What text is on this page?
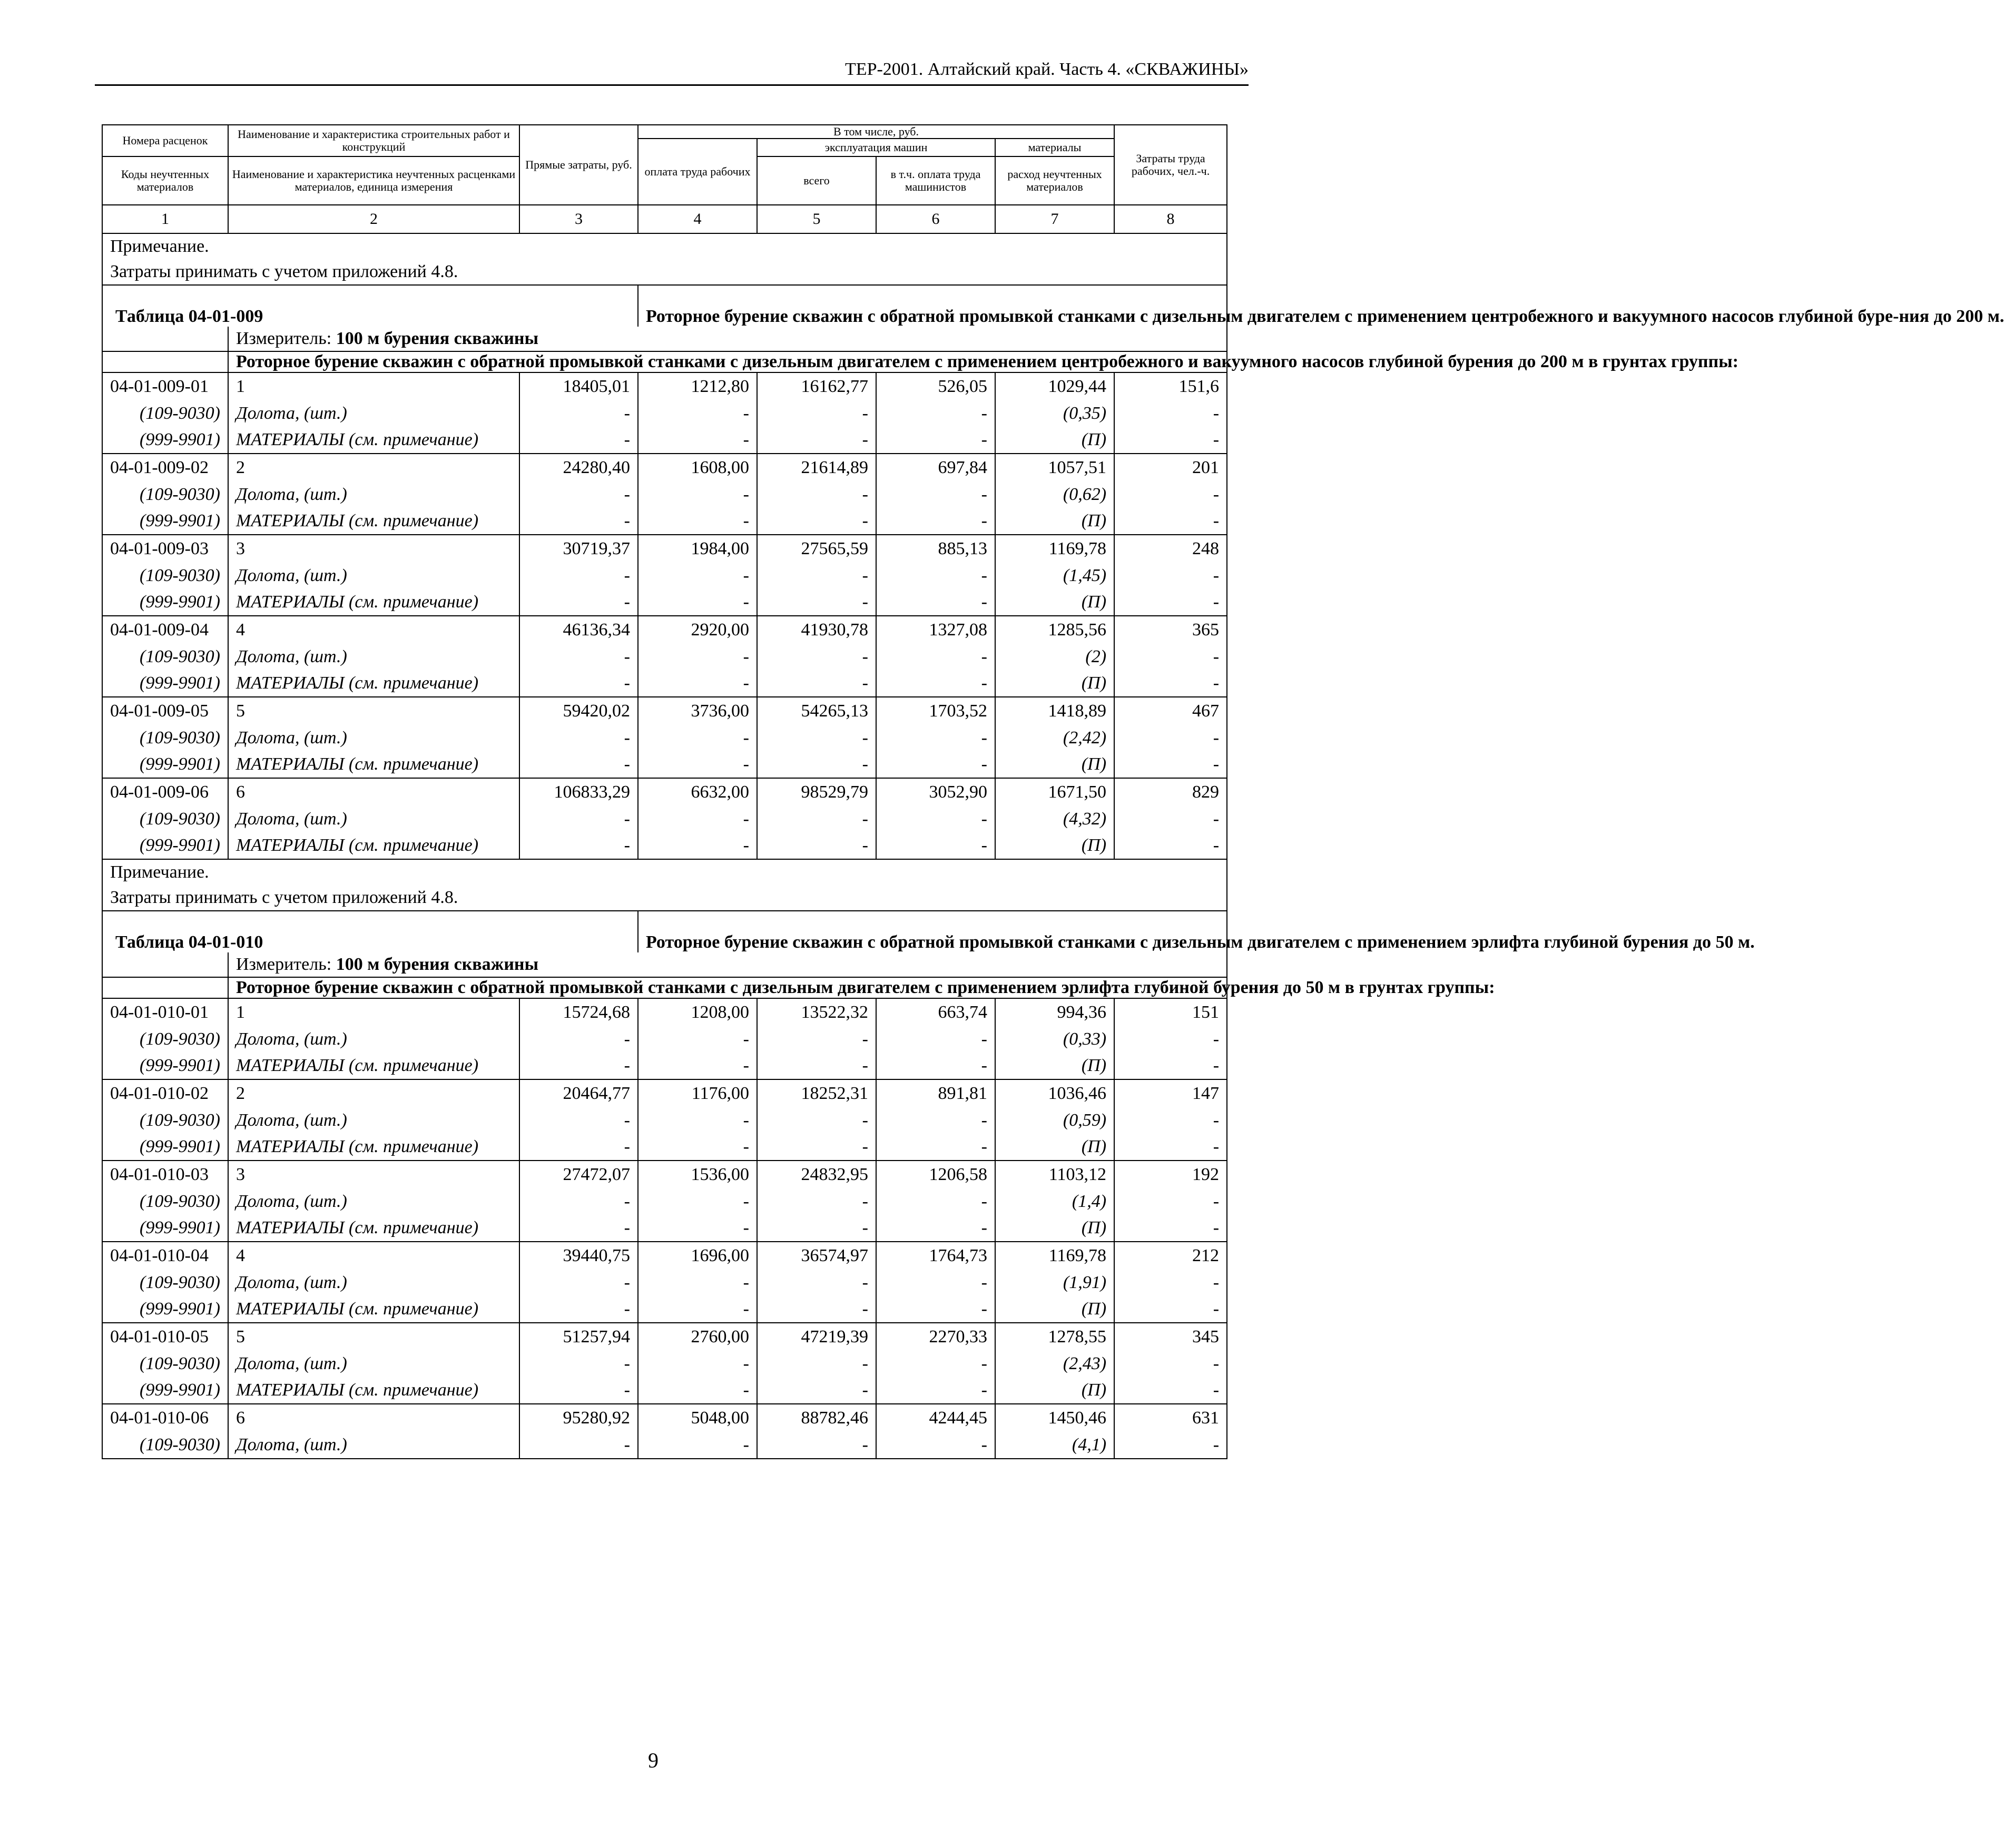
ТЕР-2001. Алтайский край. Часть 4. «СКВАЖИНЫ»
Номера расценок	Наименование и характеристика строительных работ и конструкций	Прямые затраты, руб.	В том числе, руб.				Затраты труда рабочих, чел.-ч.
			оплата труда рабочих	эксплуатация машин		материалы	
Коды неучтенных материалов	Наименование и характеристика неучтенных расценками материалов, единица измерения			всего	в т.ч. оплата труда машинистов	расход неучтенных материалов	
1	2	3	4	5	6	7	8
Примечание.							
Затраты принимать с учетом приложений 4.8.							
Таблица 04-01-009			Роторное бурение скважин с обратной промывкой станками с дизельным двигателем с применением центробежного и вакуумного насосов глубиной буре-ния до 200 м.				
	Измеритель: 100 м бурения скважины						
	Роторное бурение скважин с обратной промывкой станками с дизельным двигателем с применением центробежного и вакуумного насосов глубиной бурения до 200 м в грунтах группы:						
04-01-009-01	1	18405,01	1212,80	16162,77	526,05	1029,44	151,6
(109-9030)	Долота, (шт.)	-	-	-	-	(0,35)	-
(999-9901)	МАТЕРИАЛЫ (см. примечание)	-	-	-	-	(П)	-
04-01-009-02	2	24280,40	1608,00	21614,89	697,84	1057,51	201
(109-9030)	Долота, (шт.)	-	-	-	-	(0,62)	-
(999-9901)	МАТЕРИАЛЫ (см. примечание)	-	-	-	-	(П)	-
04-01-009-03	3	30719,37	1984,00	27565,59	885,13	1169,78	248
(109-9030)	Долота, (шт.)	-	-	-	-	(1,45)	-
(999-9901)	МАТЕРИАЛЫ (см. примечание)	-	-	-	-	(П)	-
04-01-009-04	4	46136,34	2920,00	41930,78	1327,08	1285,56	365
(109-9030)	Долота, (шт.)	-	-	-	-	(2)	-
(999-9901)	МАТЕРИАЛЫ (см. примечание)	-	-	-	-	(П)	-
04-01-009-05	5	59420,02	3736,00	54265,13	1703,52	1418,89	467
(109-9030)	Долота, (шт.)	-	-	-	-	(2,42)	-
(999-9901)	МАТЕРИАЛЫ (см. примечание)	-	-	-	-	(П)	-
04-01-009-06	6	106833,29	6632,00	98529,79	3052,90	1671,50	829
(109-9030)	Долота, (шт.)	-	-	-	-	(4,32)	-
(999-9901)	МАТЕРИАЛЫ (см. примечание)	-	-	-	-	(П)	-
Примечание.							
Затраты принимать с учетом приложений 4.8.							
Таблица 04-01-010			Роторное бурение скважин с обратной промывкой станками с дизельным двигателем с применением эрлифта глубиной бурения до 50 м.				
	Измеритель: 100 м бурения скважины						
	Роторное бурение скважин с обратной промывкой станками с дизельным двигателем с применением эрлифта глубиной бурения до 50 м в грунтах группы:						
04-01-010-01	1	15724,68	1208,00	13522,32	663,74	994,36	151
(109-9030)	Долота, (шт.)	-	-	-	-	(0,33)	-
(999-9901)	МАТЕРИАЛЫ (см. примечание)	-	-	-	-	(П)	-
04-01-010-02	2	20464,77	1176,00	18252,31	891,81	1036,46	147
(109-9030)	Долота, (шт.)	-	-	-	-	(0,59)	-
(999-9901)	МАТЕРИАЛЫ (см. примечание)	-	-	-	-	(П)	-
04-01-010-03	3	27472,07	1536,00	24832,95	1206,58	1103,12	192
(109-9030)	Долота, (шт.)	-	-	-	-	(1,4)	-
(999-9901)	МАТЕРИАЛЫ (см. примечание)	-	-	-	-	(П)	-
04-01-010-04	4	39440,75	1696,00	36574,97	1764,73	1169,78	212
(109-9030)	Долота, (шт.)	-	-	-	-	(1,91)	-
(999-9901)	МАТЕРИАЛЫ (см. примечание)	-	-	-	-	(П)	-
04-01-010-05	5	51257,94	2760,00	47219,39	2270,33	1278,55	345
(109-9030)	Долота, (шт.)	-	-	-	-	(2,43)	-
(999-9901)	МАТЕРИАЛЫ (см. примечание)	-	-	-	-	(П)	-
04-01-010-06	6	95280,92	5048,00	88782,46	4244,45	1450,46	631
(109-9030)	Долота, (шт.)	-	-	-	-	(4,1)	-
9
